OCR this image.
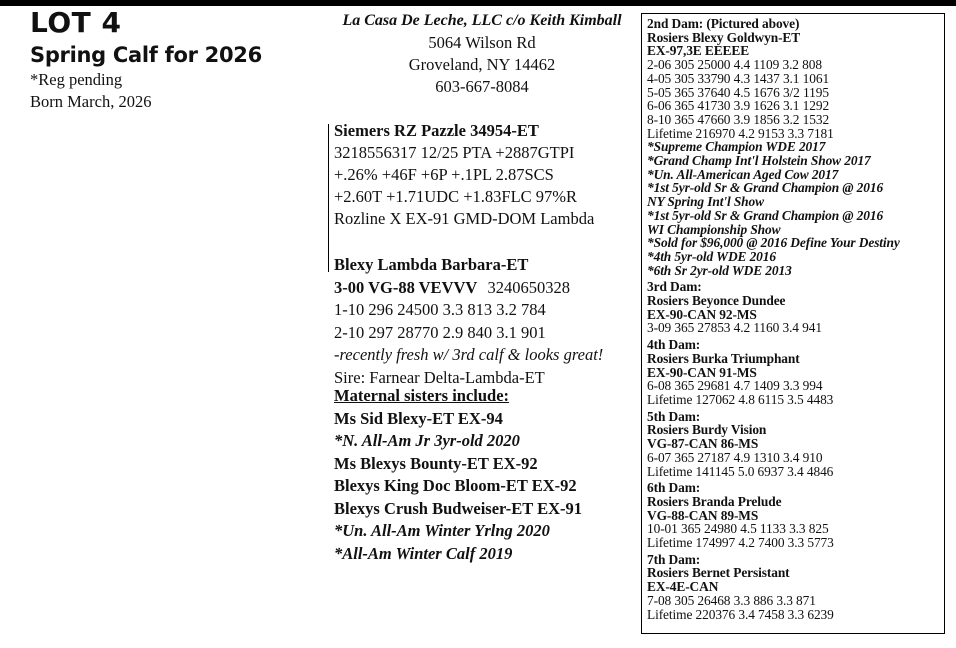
LOT 4
Spring Calf for 2026
*Reg pending
Born March, 2026
La Casa De Leche, LLC c/o Keith Kimball
5064 Wilson Rd
Groveland, NY 14462
603-667-8084
Siemers RZ Pazzle 34954-ET
3218556317 12/25 PTA +2887GTPI
+.26% +46F +6P +.1PL 2.87SCS
+2.60T +1.71UDC +1.83FLC 97%R
Rozline X EX-91 GMD-DOM Lambda
Blexy Lambda Barbara-ET
3-00 VG-88 VEVVV 3240650328
1-10 296 24500 3.3 813 3.2 784
2-10 297 28770 2.9 840 3.1 901
-recently fresh w/ 3rd calf & looks great!
Sire: Farnear Delta-Lambda-ET
Maternal sisters include:
Ms Sid Blexy-ET EX-94
*N. All-Am Jr 3yr-old 2020
Ms Blexys Bounty-ET EX-92
Blexys King Doc Bloom-ET EX-92
Blexys Crush Budweiser-ET EX-91
*Un. All-Am Winter Yrlng 2020
*All-Am Winter Calf 2019
2nd Dam: (Pictured above)
Rosiers Blexy Goldwyn-ET
EX-97,3E EEEEE
2-06 305 25000 4.4 1109 3.2 808
4-05 305 33790 4.3 1437 3.1 1061
5-05 365 37640 4.5 1676 3/2 1195
6-06 365 41730 3.9 1626 3.1 1292
8-10 365 47660 3.9 1856 3.2 1532
Lifetime 216970 4.2 9153 3.3 7181
*Supreme Champion WDE 2017
*Grand Champ Int'l Holstein Show 2017
*Un. All-American Aged Cow 2017
*1st 5yr-old Sr & Grand Champion @ 2016
NY Spring Int'l Show
*1st 5yr-old Sr & Grand Champion @ 2016
WI Championship Show
*Sold for $96,000 @ 2016 Define Your Destiny
*4th 5yr-old WDE 2016
*6th Sr 2yr-old WDE 2013
3rd Dam:
Rosiers Beyonce Dundee
EX-90-CAN 92-MS
3-09 365 27853 4.2 1160 3.4 941
4th Dam:
Rosiers Burka Triumphant
EX-90-CAN 91-MS
6-08 365 29681 4.7 1409 3.3 994
Lifetime 127062 4.8 6115 3.5 4483
5th Dam:
Rosiers Burdy Vision
VG-87-CAN 86-MS
6-07 365 27187 4.9 1310 3.4 910
Lifetime 141145 5.0 6937 3.4 4846
6th Dam:
Rosiers Branda Prelude
VG-88-CAN 89-MS
10-01 365 24980 4.5 1133 3.3 825
Lifetime 174997 4.2 7400 3.3 5773
7th Dam:
Rosiers Bernet Persistant
EX-4E-CAN
7-08 305 26468 3.3 886 3.3 871
Lifetime 220376 3.4 7458 3.3 6239
